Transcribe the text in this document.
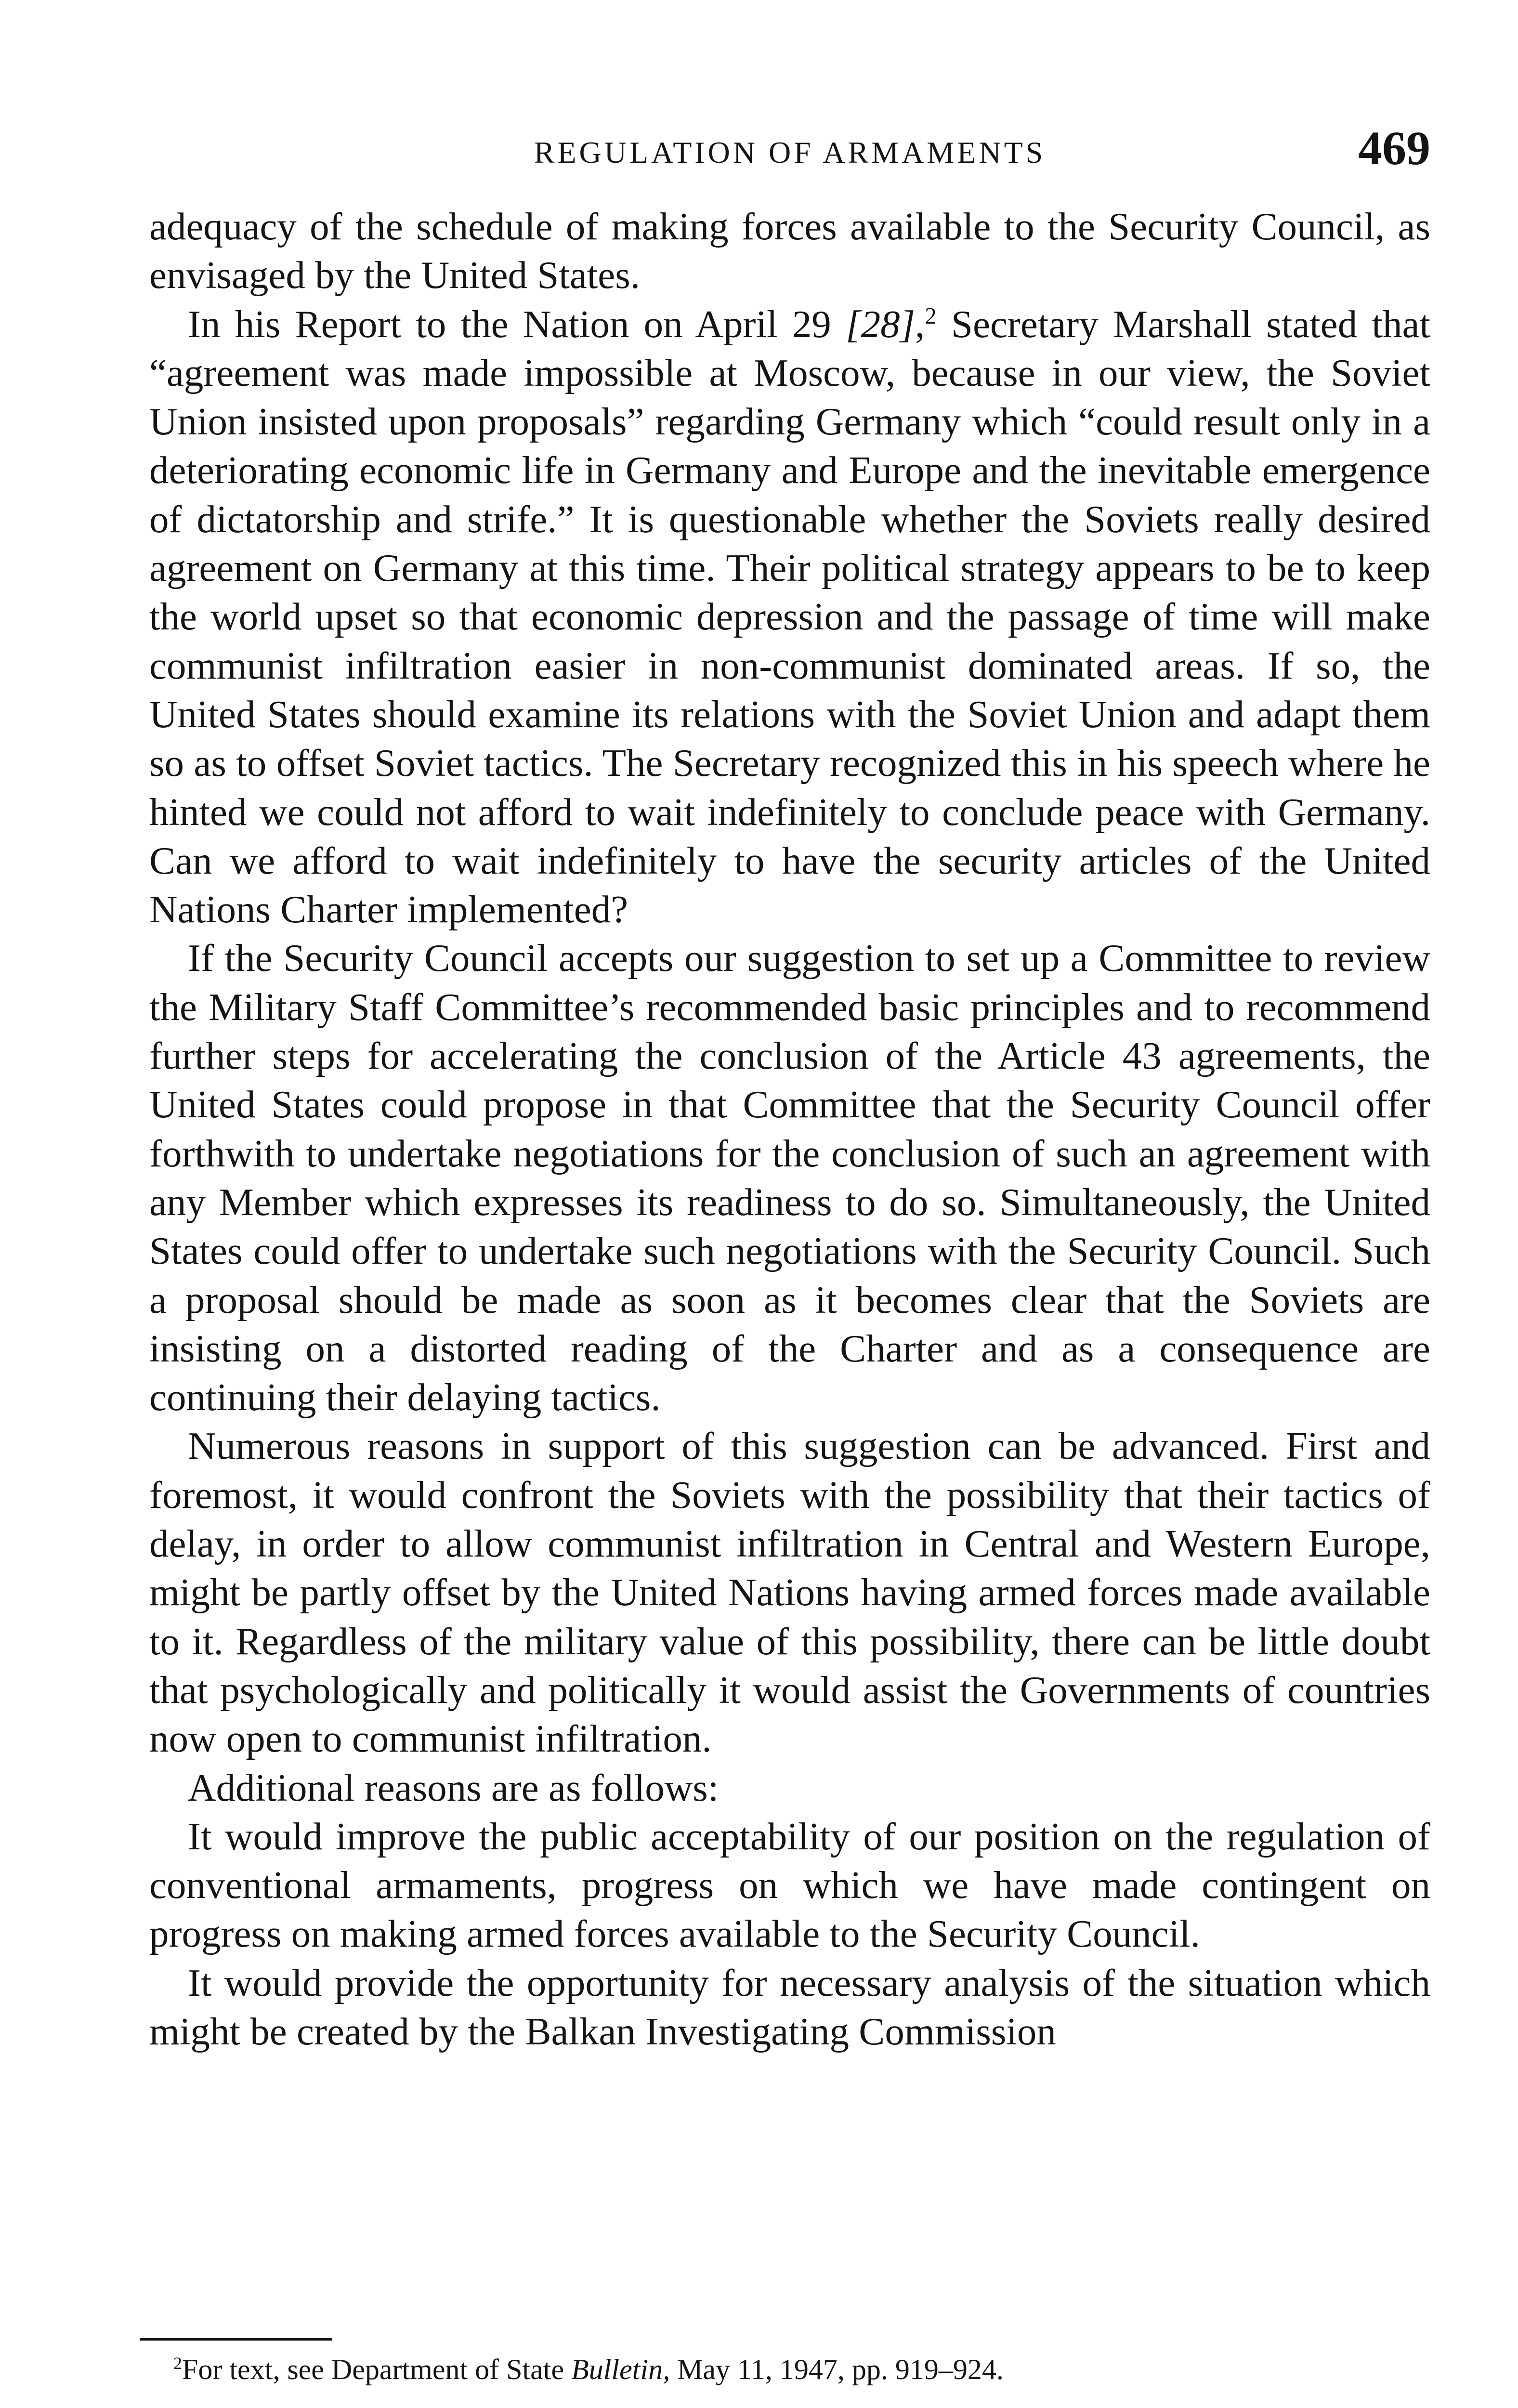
REGULATION OF ARMAMENTS	469

adequacy of the schedule of making forces available to the Security Council, as envisaged by the United States.

In his Report to the Nation on April 29 [28],$^2$ Secretary Marshall stated that “agreement was made impossible at Moscow, because in our view, the Soviet Union insisted upon proposals” regarding Germany which “could result only in a deteriorating economic life in Germany and Europe and the inevitable emergence of dictatorship and strife.” It is questionable whether the Soviets really desired agreement on Germany at this time. Their political strategy appears to be to keep the world upset so that economic depression and the passage of time will make communist infiltration easier in non-communist dominated areas. If so, the United States should examine its relations with the Soviet Union and adapt them so as to offset Soviet tactics. The Secretary recognized this in his speech where he hinted we could not afford to wait indefinitely to conclude peace with Germany. Can we afford to wait indefinitely to have the security articles of the United Nations Charter implemented?

If the Security Council accepts our suggestion to set up a Committee to review the Military Staff Committee’s recommended basic principles and to recommend further steps for accelerating the conclusion of the Article 43 agreements, the United States could propose in that Committee that the Security Council offer forthwith to undertake negotiations for the conclusion of such an agreement with any Member which expresses its readiness to do so. Simultaneously, the United States could offer to undertake such negotiations with the Security Council. Such a proposal should be made as soon as it becomes clear that the Soviets are insisting on a distorted reading of the Charter and as a consequence are continuing their delaying tactics.

Numerous reasons in support of this suggestion can be advanced. First and foremost, it would confront the Soviets with the possibility that their tactics of delay, in order to allow communist infiltration in Central and Western Europe, might be partly offset by the United Nations having armed forces made available to it. Regardless of the military value of this possibility, there can be little doubt that psychologically and politically it would assist the Governments of countries now open to communist infiltration.

Additional reasons are as follows:

It would improve the public acceptability of our position on the regulation of conventional armaments, progress on which we have made contingent on progress on making armed forces available to the Security Council.

It would provide the opportunity for necessary analysis of the situation which might be created by the Balkan Investigating Commission

$^2$For text, see Department of State Bulletin, May 11, 1947, pp. 919–924.
